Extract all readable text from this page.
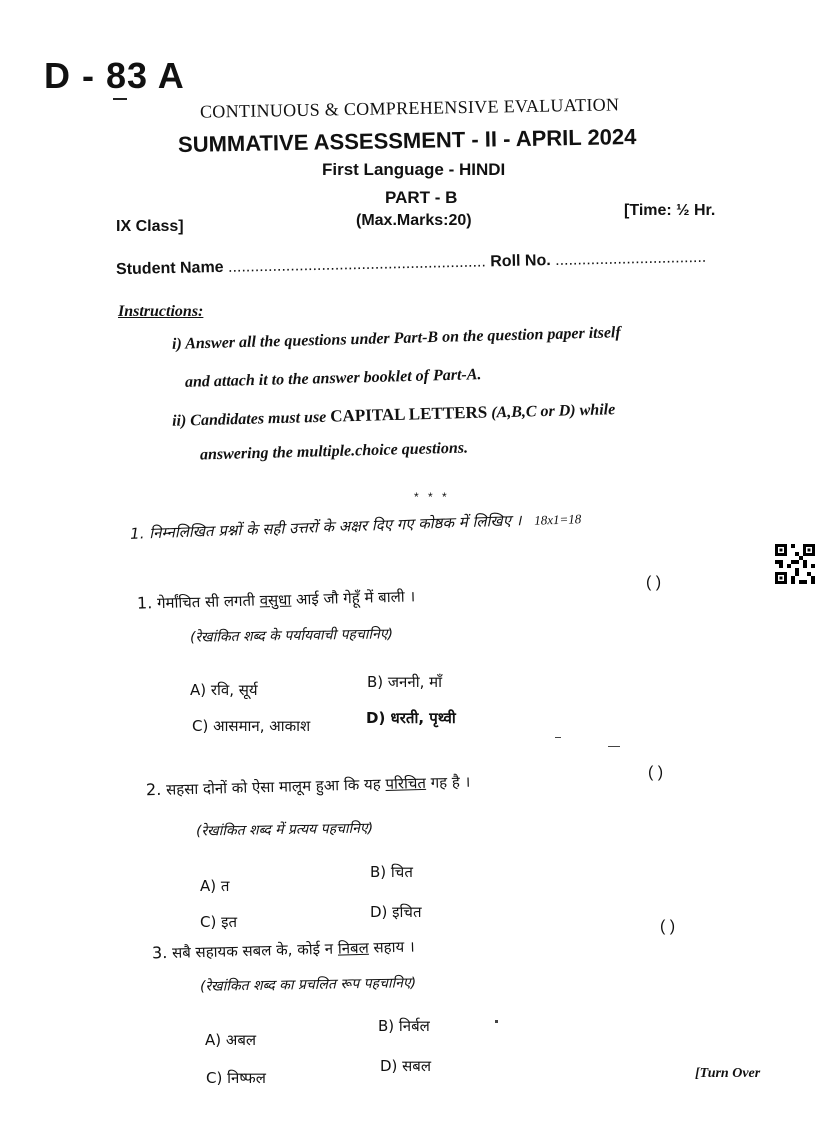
D - 83 A
CONTINUOUS & COMPREHENSIVE EVALUATION
SUMMATIVE ASSESSMENT - II - APRIL 2024
First Language - HINDI
PART - B
IX Class]	(Max.Marks:20)
[Time: ½ Hr.
Student Name .......................................................... Roll No. ..................................
Instructions:
i) Answer all the questions under Part-B on the question paper itself
and attach it to the answer booklet of Part-A.
ii) Candidates must use CAPITAL LETTERS (A,B,C or D) while
answering the multiple.choice questions.
* * *
1. निम्नलिखित प्रश्नों के सही उत्तरों के अक्षर दिए गए कोष्ठक में लिखिए । 18x1=18
1. गेर्मांचित सी लगती वसुधा आई जौ गेहूँ में बाली ।
( )
(रेखांकित शब्द के पर्यायवाची पहचानिए)
A) रवि, सूर्य	B) जननी, माँ
C) आसमान, आकाश	D) धरती, पृथ्वी
2. सहसा दोनों को ऐसा मालूम हुआ कि यह परिचित गह है ।
( )
(रेखांकित शब्द में प्रत्यय पहचानिए)
A) त
B) चित
C) इत
D) इचित
3. सबै सहायक सबल के, कोई न निबल सहाय ।
( )
(रेखांकित शब्द का प्रचलित रूप पहचानिए)
A) अबल
B) निर्बल
C) निष्फल
D) सबल	[Turn Over
